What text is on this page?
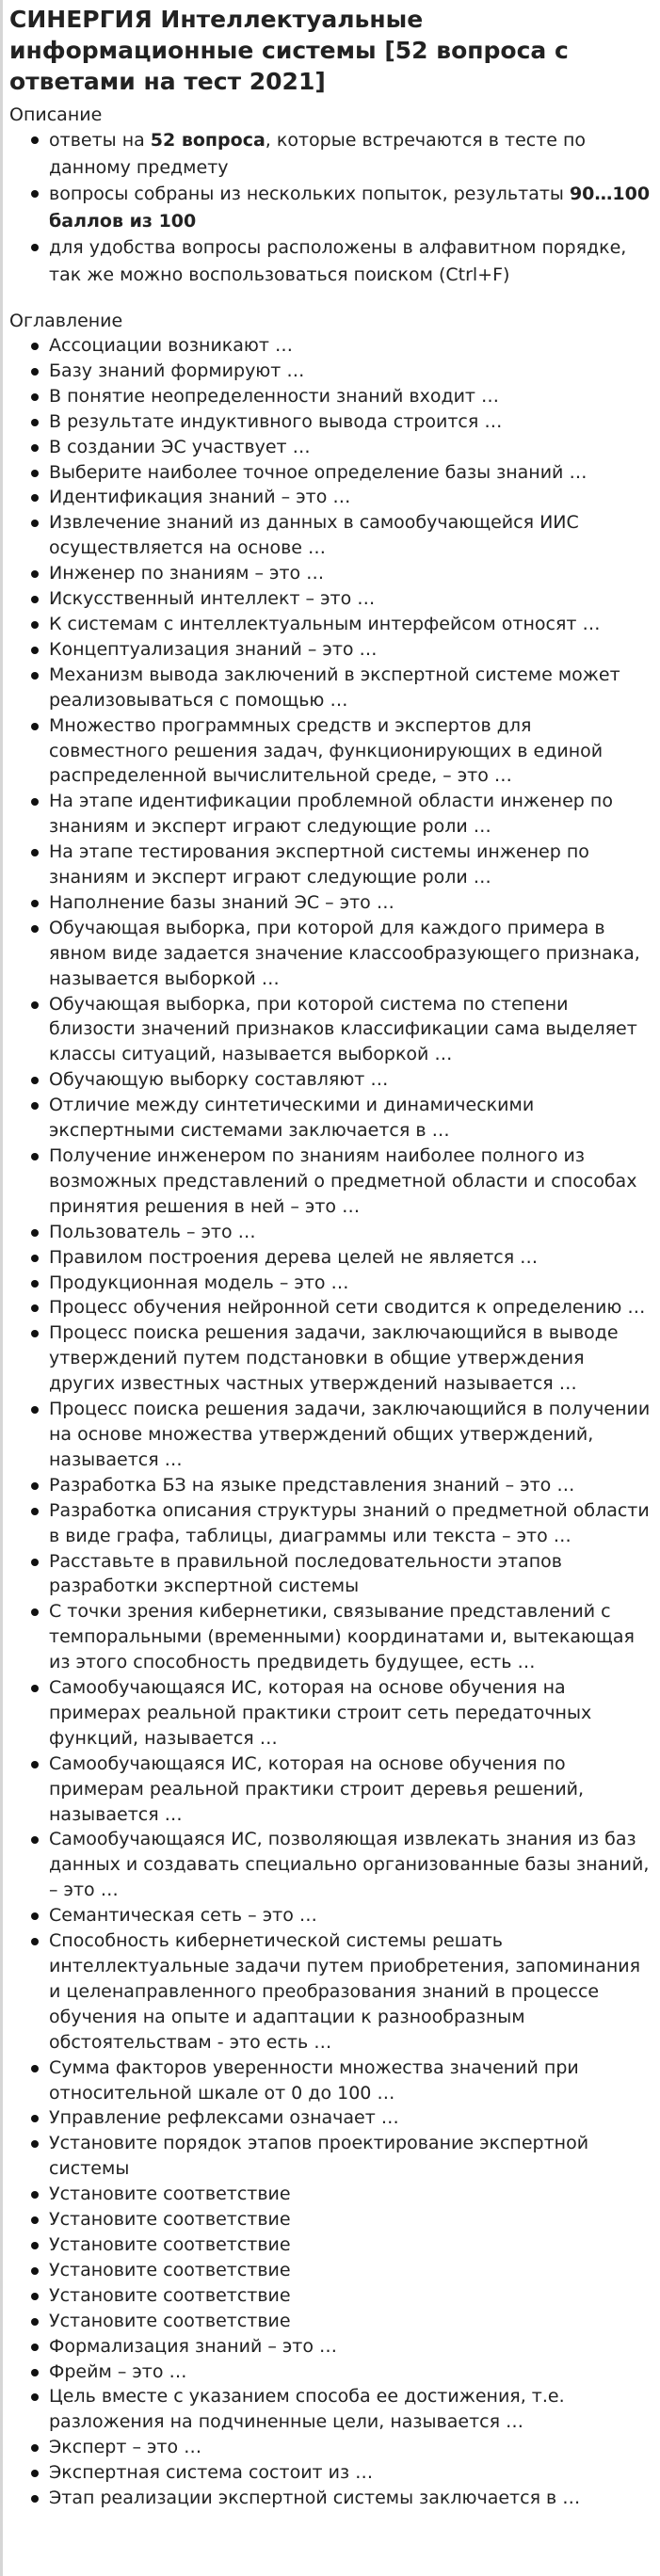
СИНЕРГИЯ Интеллектуальные информационные системы [52 вопроса с ответами на тест 2021]
Описание
ответы на 52 вопроса, которые встречаются в тесте по данному предмету
вопросы собраны из нескольких попыток, результаты 90…100 баллов из 100
для удобства вопросы расположены в алфавитном порядке, так же можно воспользоваться поиском (Ctrl+F)
Оглавление
Ассоциации возникают …
Базу знаний формируют …
В понятие неопределенности знаний входит …
В результате индуктивного вывода строится …
В создании ЭС участвует …
Выберите наиболее точное определение базы знаний …
Идентификация знаний – это …
Извлечение знаний из данных в самообучающейся ИИС осуществляется на основе …
Инженер по знаниям – это …
Искусственный интеллект – это …
К системам с интеллектуальным интерфейсом относят …
Концептуализация знаний – это …
Механизм вывода заключений в экспертной системе может реализовываться с помощью …
Множество программных средств и экспертов для совместного решения задач, функционирующих в единой распределенной вычислительной среде, – это …
На этапе идентификации проблемной области инженер по знаниям и эксперт играют следующие роли …
На этапе тестирования экспертной системы инженер по знаниям и эксперт играют следующие роли …
Наполнение базы знаний ЭС – это …
Обучающая выборка, при которой для каждого примера в явном виде задается значение классообразующего признака, называется выборкой …
Обучающая выборка, при которой система по степени близости значений признаков классификации сама выделяет классы ситуаций, называется выборкой …
Обучающую выборку составляют …
Отличие между синтетическими и динамическими экспертными системами заключается в …
Получение инженером по знаниям наиболее полного из возможных представлений о предметной области и способах принятия решения в ней – это …
Пользователь – это …
Правилом построения дерева целей не является …
Продукционная модель – это …
Процесс обучения нейронной сети сводится к определению …
Процесс поиска решения задачи, заключающийся в выводе утверждений путем подстановки в общие утверждения других известных частных утверждений называется …
Процесс поиска решения задачи, заключающийся в получении на основе множества утверждений общих утверждений, называется …
Разработка БЗ на языке представления знаний – это …
Разработка описания структуры знаний о предметной области в виде графа, таблицы, диаграммы или текста – это …
Расставьте в правильной последовательности этапов разработки экспертной системы
С точки зрения кибернетики, связывание представлений с темпоральными (временными) координатами и, вытекающая из этого способность предвидеть будущее, есть …
Самообучающаяся ИС, которая на основе обучения на примерах реальной практики строит сеть передаточных функций, называется …
Самообучающаяся ИС, которая на основе обучения по примерам реальной практики строит деревья решений, называется …
Самообучающаяся ИС, позволяющая извлекать знания из баз данных и создавать специально организованные базы знаний, – это …
Семантическая сеть – это …
Способность кибернетической системы решать интеллектуальные задачи путем приобретения, запоминания и целенаправленного преобразования знаний в процессе обучения на опыте и адаптации к разнообразным обстоятельствам - это есть …
Сумма факторов уверенности множества значений при относительной шкале от 0 до 100 …
Управление рефлексами означает …
Установите порядок этапов проектирование экспертной системы
Установите соответствие
Установите соответствие
Установите соответствие
Установите соответствие
Установите соответствие
Установите соответствие
Формализация знаний – это …
Фрейм – это …
Цель вместе с указанием способа ее достижения, т.е. разложения на подчиненные цели, называется …
Эксперт – это …
Экспертная система состоит из …
Этап реализации экспертной системы заключается в …
